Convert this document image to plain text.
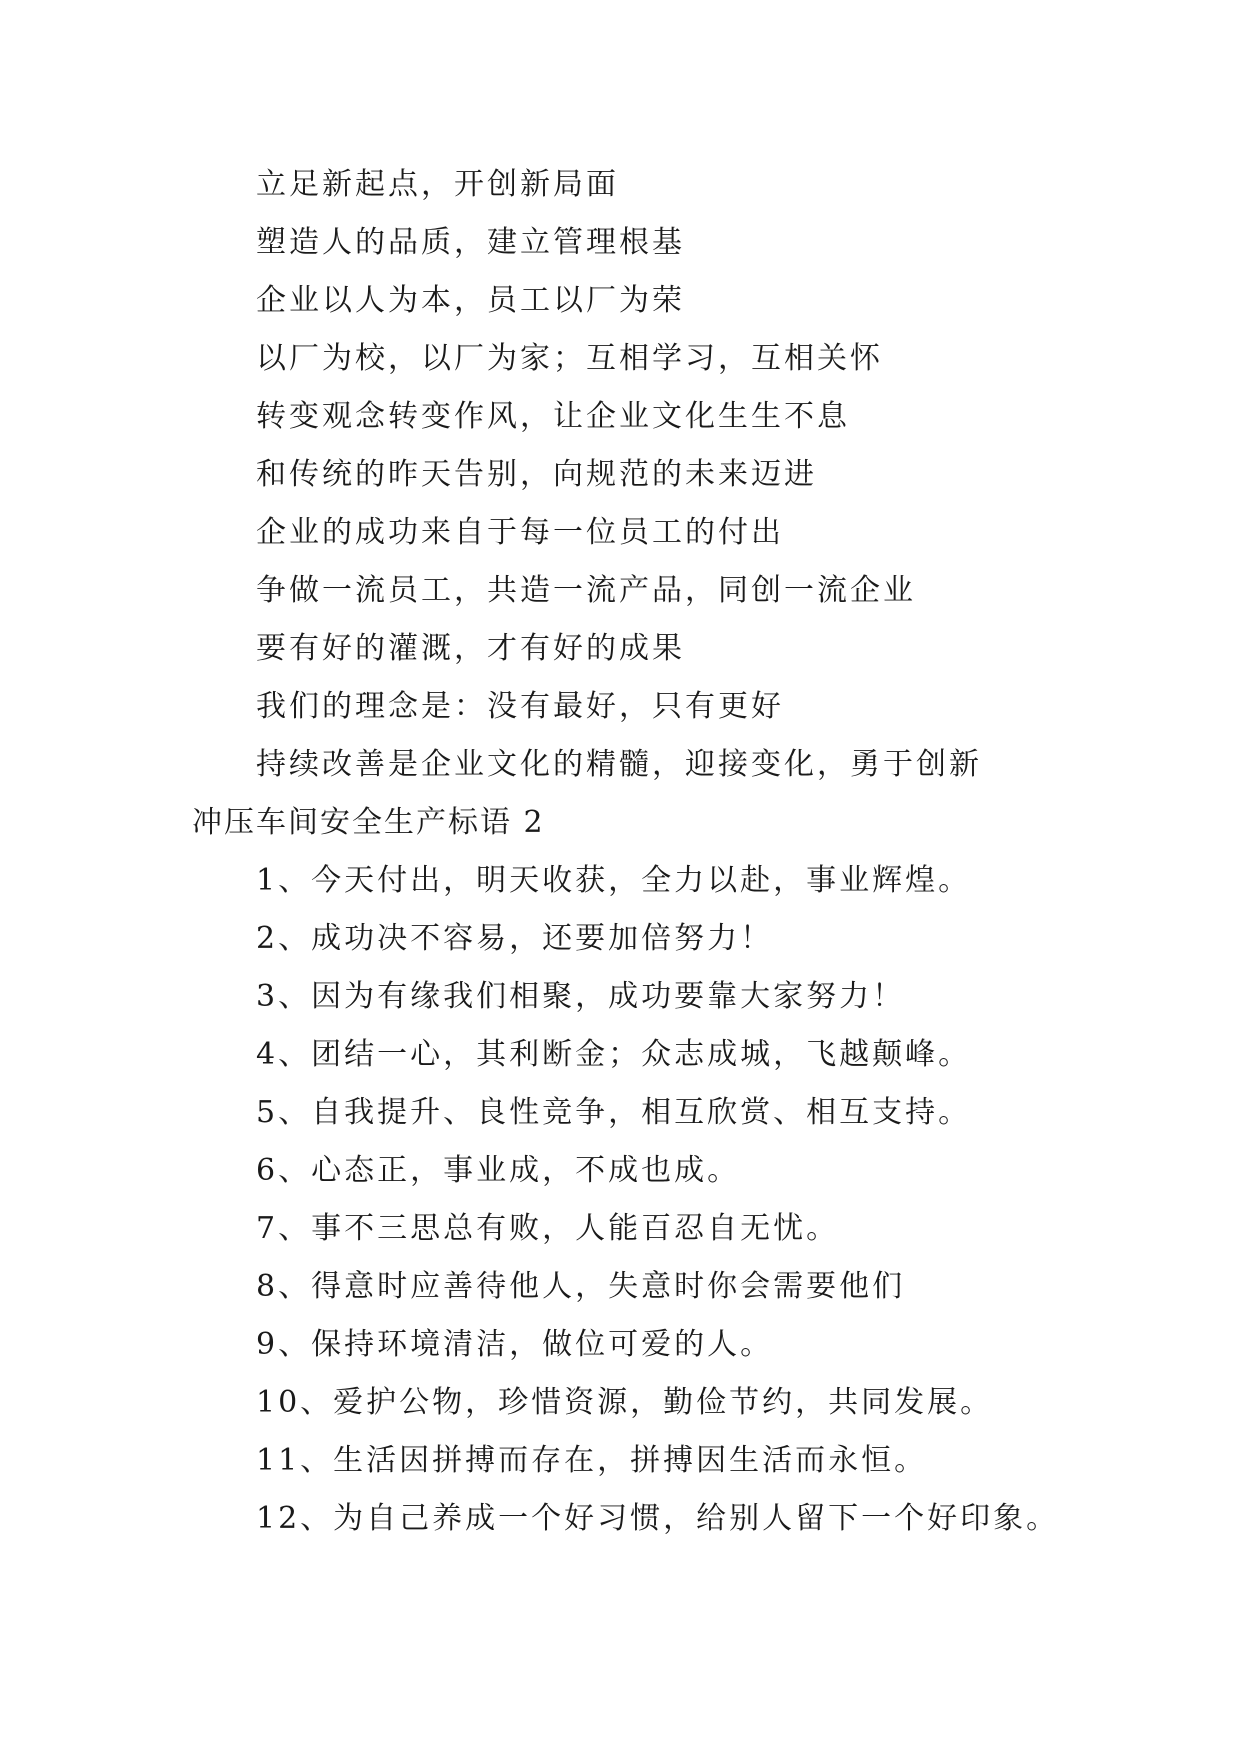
立足新起点，开创新局面
塑造人的品质，建立管理根基
企业以人为本，员工以厂为荣
以厂为校，以厂为家；互相学习，互相关怀
转变观念转变作风，让企业文化生生不息
和传统的昨天告别，向规范的未来迈进
企业的成功来自于每一位员工的付出
争做一流员工，共造一流产品，同创一流企业
要有好的灌溉，才有好的成果
我们的理念是：没有最好，只有更好
持续改善是企业文化的精髓，迎接变化，勇于创新
冲压车间安全生产标语 2
1、今天付出，明天收获，全力以赴，事业辉煌。
2、成功决不容易，还要加倍努力！
3、因为有缘我们相聚，成功要靠大家努力！
4、团结一心，其利断金；众志成城，飞越颠峰。
5、自我提升、良性竞争，相互欣赏、相互支持。
6、心态正，事业成，不成也成。
7、事不三思总有败，人能百忍自无忧。
8、得意时应善待他人，失意时你会需要他们
9、保持环境清洁，做位可爱的人。
10、爱护公物，珍惜资源，勤俭节约，共同发展。
11、生活因拼搏而存在，拼搏因生活而永恒。
12、为自己养成一个好习惯，给别人留下一个好印象。
